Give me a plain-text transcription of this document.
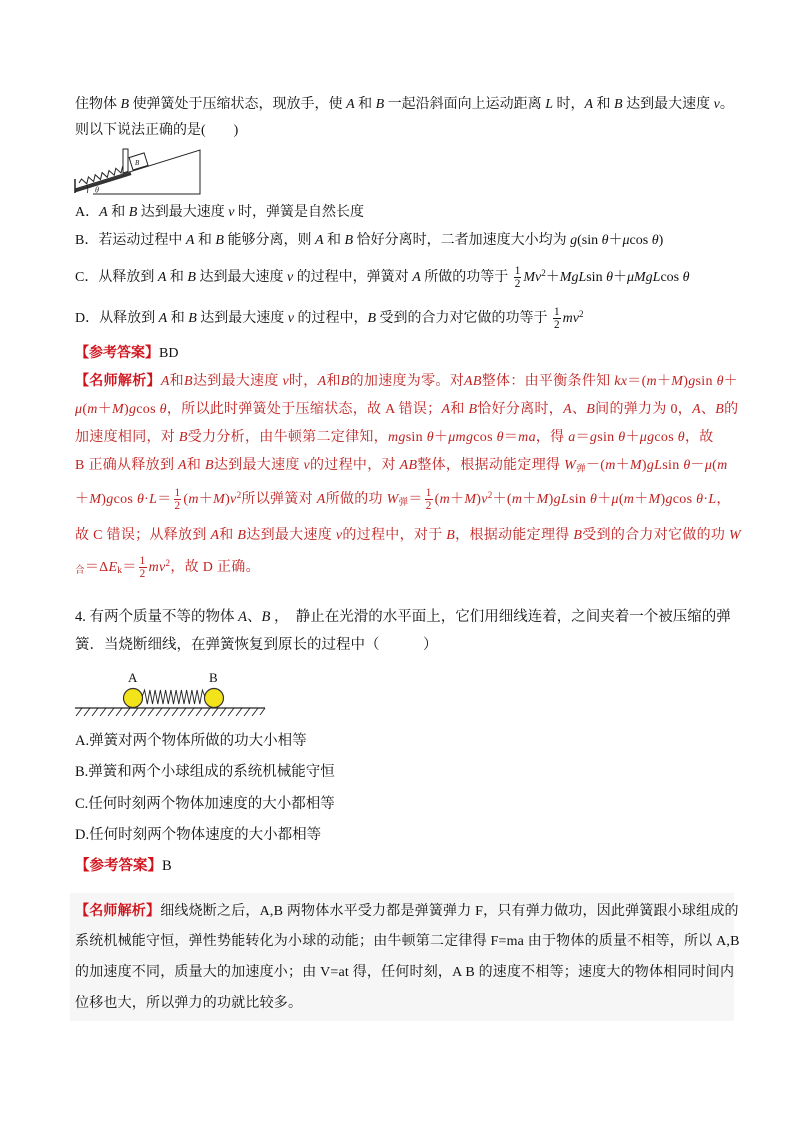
住物体 B 使弹簧处于压缩状态，现放手，使 A 和 B 一起沿斜面向上运动距离 L 时，A 和 B 达到最大速度 v。
则以下说法正确的是(　　)
B
θ
A．A 和 B 达到最大速度 v 时，弹簧是自然长度
B．若运动过程中 A 和 B 能够分离，则 A 和 B 恰好分离时，二者加速度大小均为 g(sin θ＋μcos θ)
C．从释放到 A 和 B 达到最大速度 v 的过程中，弹簧对 A 所做的功等于 $\frac{1}{2} Mv^2+MgLsin$ θ＋μMgLcos θ
D．从释放到 A 和 B 达到最大速度 v 的过程中，B 受到的合力对它做的功等于 $\frac{1}{2} mv^2$
【参考答案】BD
【名师解析】A和B达到最大速度 v时，A和B的加速度为零。对AB整体：由平衡条件知 kx＝(m＋M)gsin θ＋
μ(m＋M)gcos θ，所以此时弹簧处于压缩状态，故 A 错误；A和 B恰好分离时，A、B间的弹力为 0，A、B的
加速度相同，对 B受力分析，由牛顿第二定律知，mgsin θ＋μmgcos θ＝ma，得 a＝gsin θ＋μgcos θ，故
B 正确从释放到 A和 B达到最大速度 v的过程中，对 AB整体，根据动能定理得 $W_弹-(m+M)gLsin$ θ－μ(m
＋M)gcos $\theta\cdot L= \frac{1}{2} (m+M)v^2$所以弹簧对 A所做的功 $W_弹= \frac{1}{2} (m+M)v^2+(m+M)gLsin$ θ＋μ(m＋M)gcos θ·L，
故 C 错误；从释放到 A和 B达到最大速度 v的过程中，对于 B，根据动能定理得 B受到的合力对它做的功 W
$_合=\Delta E_k= \frac{1}{2} mv^2$，故 D 正确。
4. 有两个质量不等的物体 A、B ，  静止在光滑的水平面上，它们用细线连着，之间夹着一个被压缩的弹
簧．当烧断细线，在弹簧恢复到原长的过程中（　　　）
A	B
A.弹簧对两个物体所做的功大小相等
B.弹簧和两个小球组成的系统机械能守恒
C.任何时刻两个物体加速度的大小都相等
D.任何时刻两个物体速度的大小都相等
【参考答案】B
【名师解析】细线烧断之后，A,B 两物体水平受力都是弹簧弹力 F，只有弹力做功，因此弹簧跟小球组成的
系统机械能守恒，弹性势能转化为小球的动能；由牛顿第二定律得 F=ma 由于物体的质量不相等，所以 A,B
的加速度不同，质量大的加速度小；由 V=at 得，任何时刻，A B 的速度不相等；速度大的物体相同时间内
位移也大，所以弹力的功就比较多。
